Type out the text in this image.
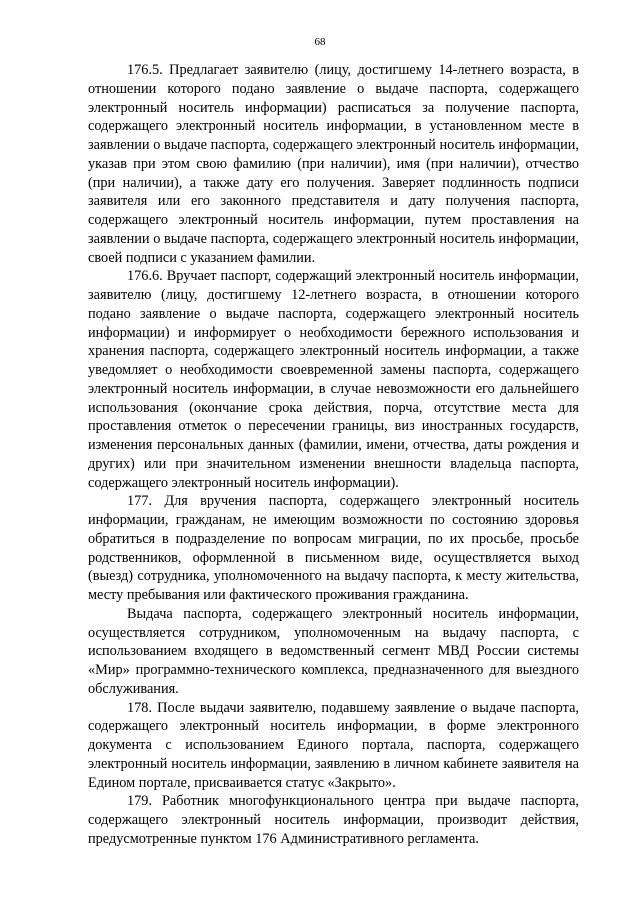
68

176.5. Предлагает заявителю (лицу, достигшему 14-летнего возраста, в отношении которого подано заявление о выдаче паспорта, содержащего электронный носитель информации) расписаться за получение паспорта, содержащего электронный носитель информации, в установленном месте в заявлении о выдаче паспорта, содержащего электронный носитель информации, указав при этом свою фамилию (при наличии), имя (при наличии), отчество (при наличии), а также дату его получения. Заверяет подлинность подписи заявителя или его законного представителя и дату получения паспорта, содержащего электронный носитель информации, путем проставления на заявлении о выдаче паспорта, содержащего электронный носитель информации, своей подписи с указанием фамилии.

176.6. Вручает паспорт, содержащий электронный носитель информации, заявителю (лицу, достигшему 12-летнего возраста, в отношении которого подано заявление о выдаче паспорта, содержащего электронный носитель информации) и информирует о необходимости бережного использования и хранения паспорта, содержащего электронный носитель информации, а также уведомляет о необходимости своевременной замены паспорта, содержащего электронный носитель информации, в случае невозможности его дальнейшего использования (окончание срока действия, порча, отсутствие места для проставления отметок о пересечении границы, виз иностранных государств, изменения персональных данных (фамилии, имени, отчества, даты рождения и других) или при значительном изменении внешности владельца паспорта, содержащего электронный носитель информации).

177. Для вручения паспорта, содержащего электронный носитель информации, гражданам, не имеющим возможности по состоянию здоровья обратиться в подразделение по вопросам миграции, по их просьбе, просьбе родственников, оформленной в письменном виде, осуществляется выход (выезд) сотрудника, уполномоченного на выдачу паспорта, к месту жительства, месту пребывания или фактического проживания гражданина.

Выдача паспорта, содержащего электронный носитель информации, осуществляется сотрудником, уполномоченным на выдачу паспорта, с использованием входящего в ведомственный сегмент МВД России системы «Мир» программно-технического комплекса, предназначенного для выездного обслуживания.

178. После выдачи заявителю, подавшему заявление о выдаче паспорта, содержащего электронный носитель информации, в форме электронного документа с использованием Единого портала, паспорта, содержащего электронный носитель информации, заявлению в личном кабинете заявителя на Едином портале, присваивается статус «Закрыто».

179. Работник многофункционального центра при выдаче паспорта, содержащего электронный носитель информации, производит действия, предусмотренные пунктом 176 Административного регламента.
